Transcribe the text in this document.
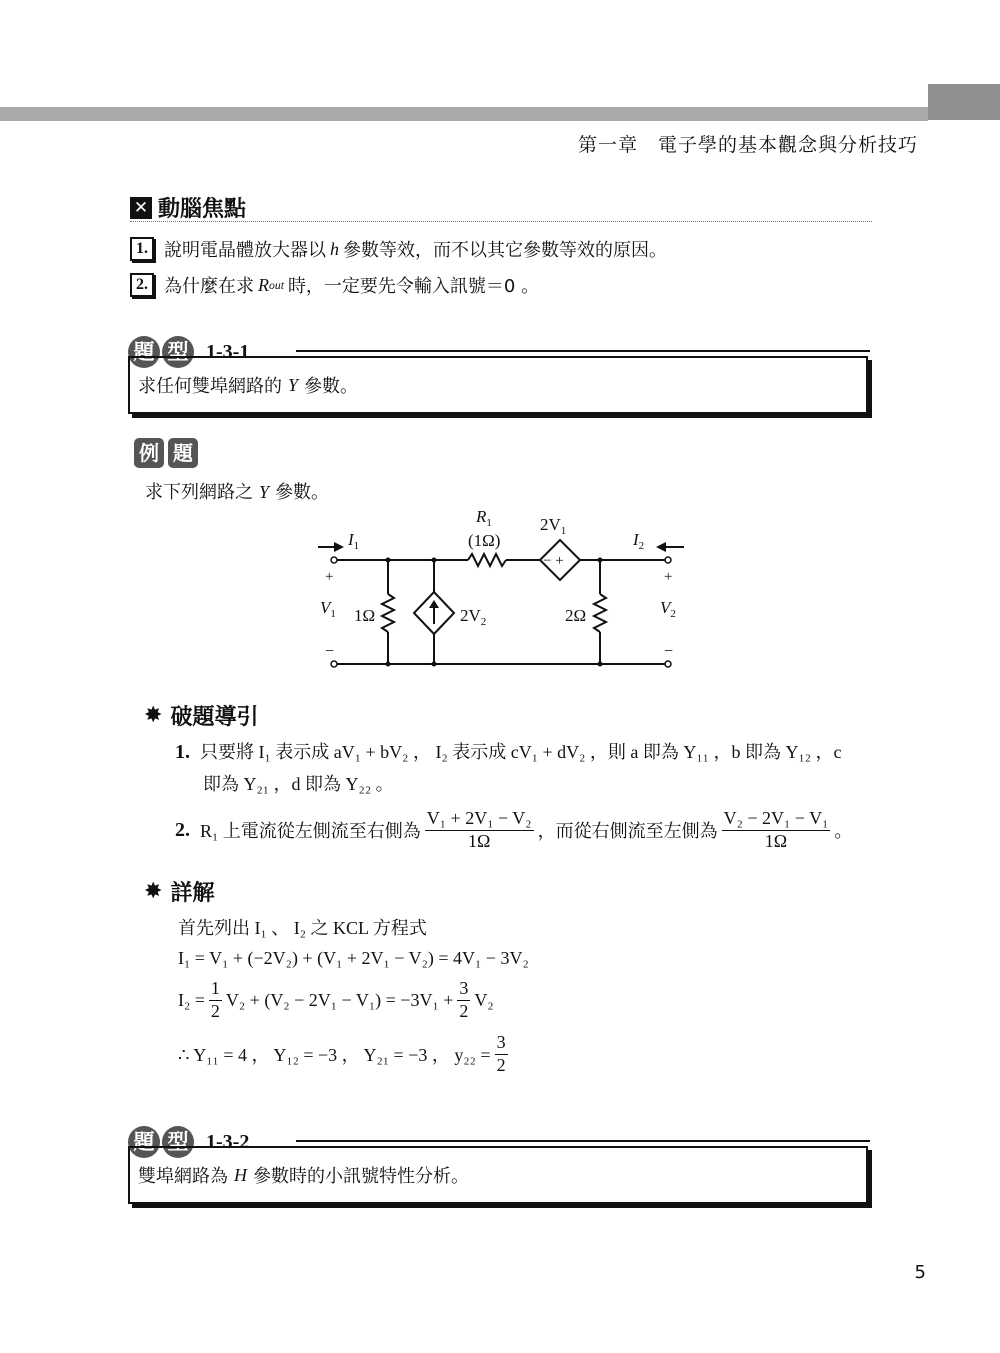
第一章　電子學的基本觀念與分析技巧
✕ 動腦焦點
1. 說明電晶體放大器以 h 參數等效，而不以其它參數等效的原因。
2. 為什麼在求 R out 時，一定要先令輸入訊號＝0 。
題 型 1-3-1
求任何雙埠網路的 Y 參數。
例 題
求下列網路之 Y 參數。
$R_1$
(1Ω)
$2V_1$
− +
$I_1$	$I_2$
+	+
−	−
$V_1$	$V_2$
1Ω	$2V_2$	2Ω
✸ 破題導引
1. 只要將 I₁ 表示成 aV₁ + bV₂ ， I₂ 表示成 cV₁ + dV₂ ，則 a 即為 Y₁₁ ，b 即為 Y₁₂ ，c
即為 Y₂₁ ，d 即為 Y₂₂ 。
2. R₁ 上電流從左側流至右側為 $\frac{\text{V₁ + 2V₁ − V₂}}{1\Omega}$ ，而從右側流至左側為 $\frac{\text{V₂ − 2V₁ − V₁}}{1\Omega}$ 。
✸ 詳解
首先列出 I₁ 、 I₂ 之 KCL 方程式
I₁ = V₁ + (−2V₂) + (V₁ + 2V₁ − V₂) = 4V₁ − 3V₂
$I_2 = \frac{1}{2} V_2 + (V_2 - 2V_1 - V_1) = -3V_1 + \frac{3}{2} V_2$
∴ Y₁₁ = 4 ， Y₁₂ = −3 ， Y₂₁ = −3 ， $y_{22} = \frac{3}{2}$
題 型 1-3-2
雙埠網路為 H 參數時的小訊號特性分析。
5
